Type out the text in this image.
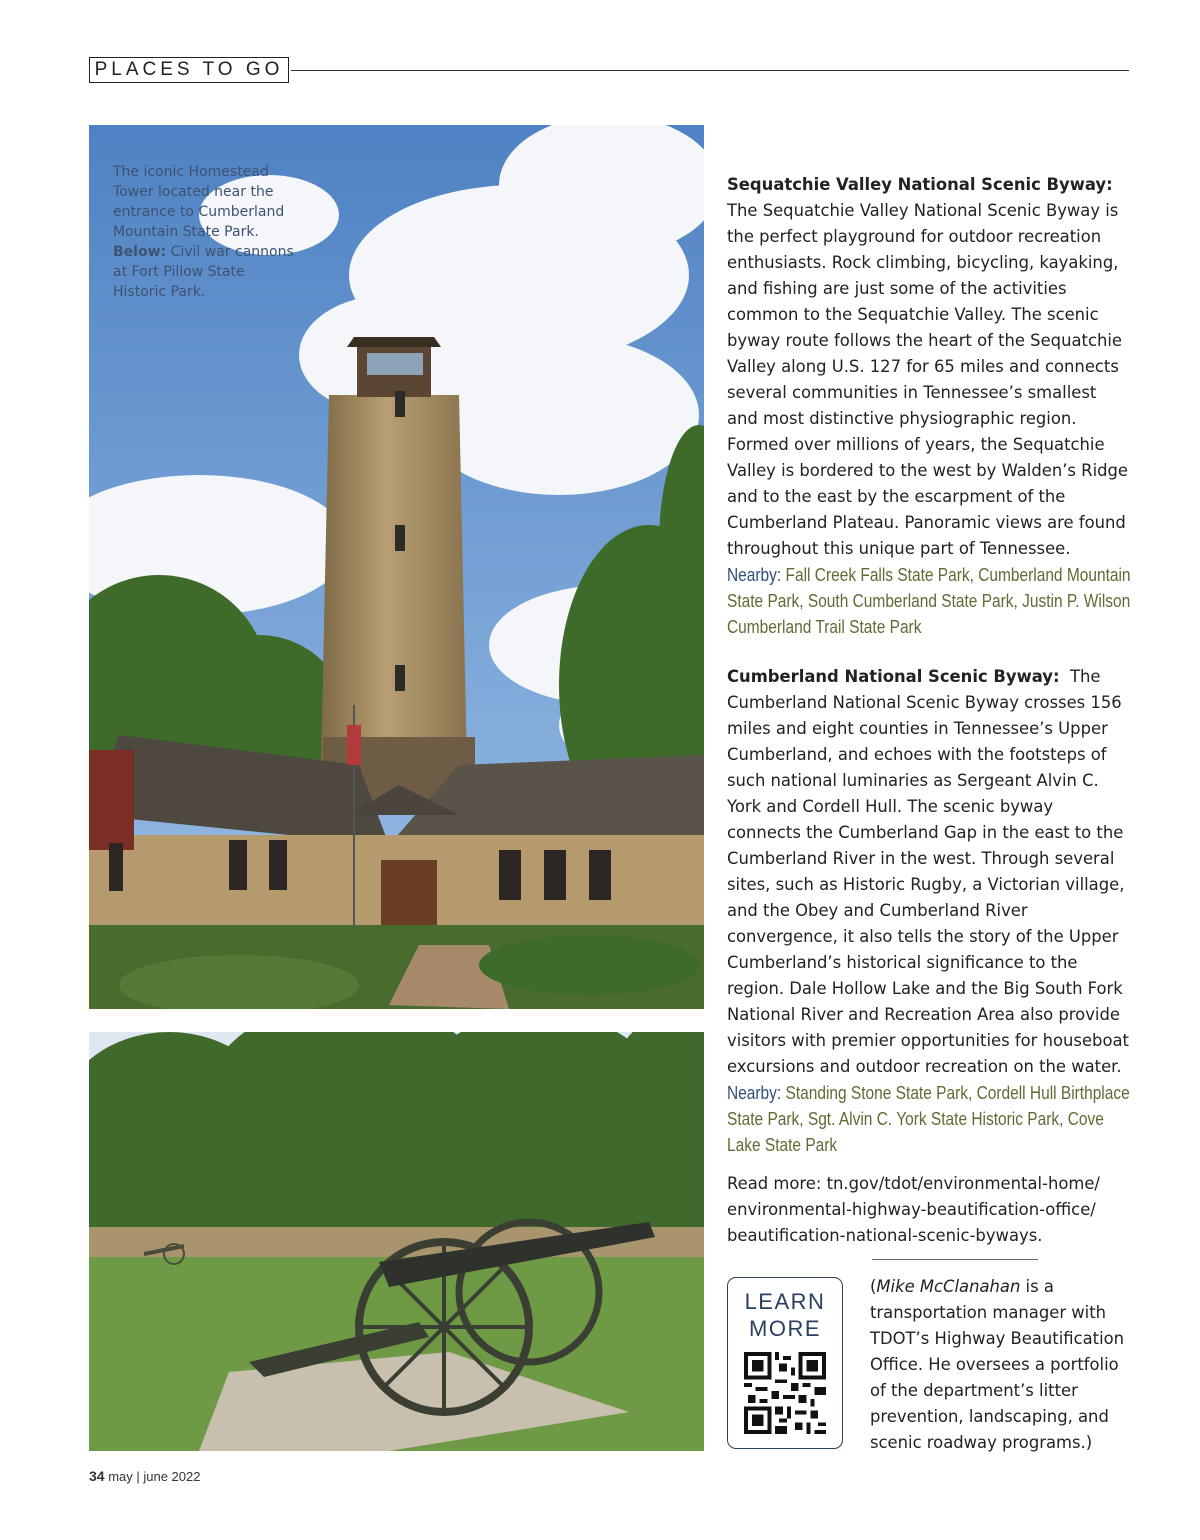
PLACES TO GO
The iconic Homestead Tower located near the entrance to Cumberland Mountain State Park. Below: Civil war cannons at Fort Pillow State Historic Park.

Sequatchie Valley National Scenic Byway:

The Sequatchie Valley National Scenic Byway is the perfect playground for outdoor recreation enthusiasts. Rock climbing, bicycling, kayaking, and fishing are just some of the activities common to the Sequatchie Valley. The scenic byway route follows the heart of the Sequatchie Valley along U.S. 127 for 65 miles and connects several communities in Tennessee’s smallest and most distinctive physiographic region. Formed over millions of years, the Sequatchie Valley is bordered to the west by Walden’s Ridge and to the east by the escarpment of the Cumberland Plateau. Panoramic views are found throughout this unique part of Tennessee.

Nearby: Fall Creek Falls State Park, Cumberland Mountain State Park, South Cumberland State Park, Justin P. Wilson Cumberland Trail State Park

Cumberland National Scenic Byway: The Cumberland National Scenic Byway crosses 156 miles and eight counties in Tennessee’s Upper Cumberland, and echoes with the footsteps of such national luminaries as Sergeant Alvin C. York and Cordell Hull. The scenic byway connects the Cumberland Gap in the east to the Cumberland River in the west. Through several sites, such as Historic Rugby, a Victorian village, and the Obey and Cumberland River convergence, it also tells the story of the Upper Cumberland’s historical significance to the region. Dale Hollow Lake and the Big South Fork National River and Recreation Area also provide visitors with premier opportunities for houseboat excursions and outdoor recreation on the water.

Nearby: Standing Stone State Park, Cordell Hull Birthplace State Park, Sgt. Alvin C. York State Historic Park, Cove Lake State Park
Read more: tn.gov/tdot/environmental-home/ environmental-highway-beautification-office/ beautification-national-scenic-byways.
LEARN
MORE
(Mike McClanahan is a transportation manager with TDOT’s Highway Beautification Office. He oversees a portfolio of the department’s litter prevention, landscaping, and scenic roadway programs.)
34 may | june 2022
